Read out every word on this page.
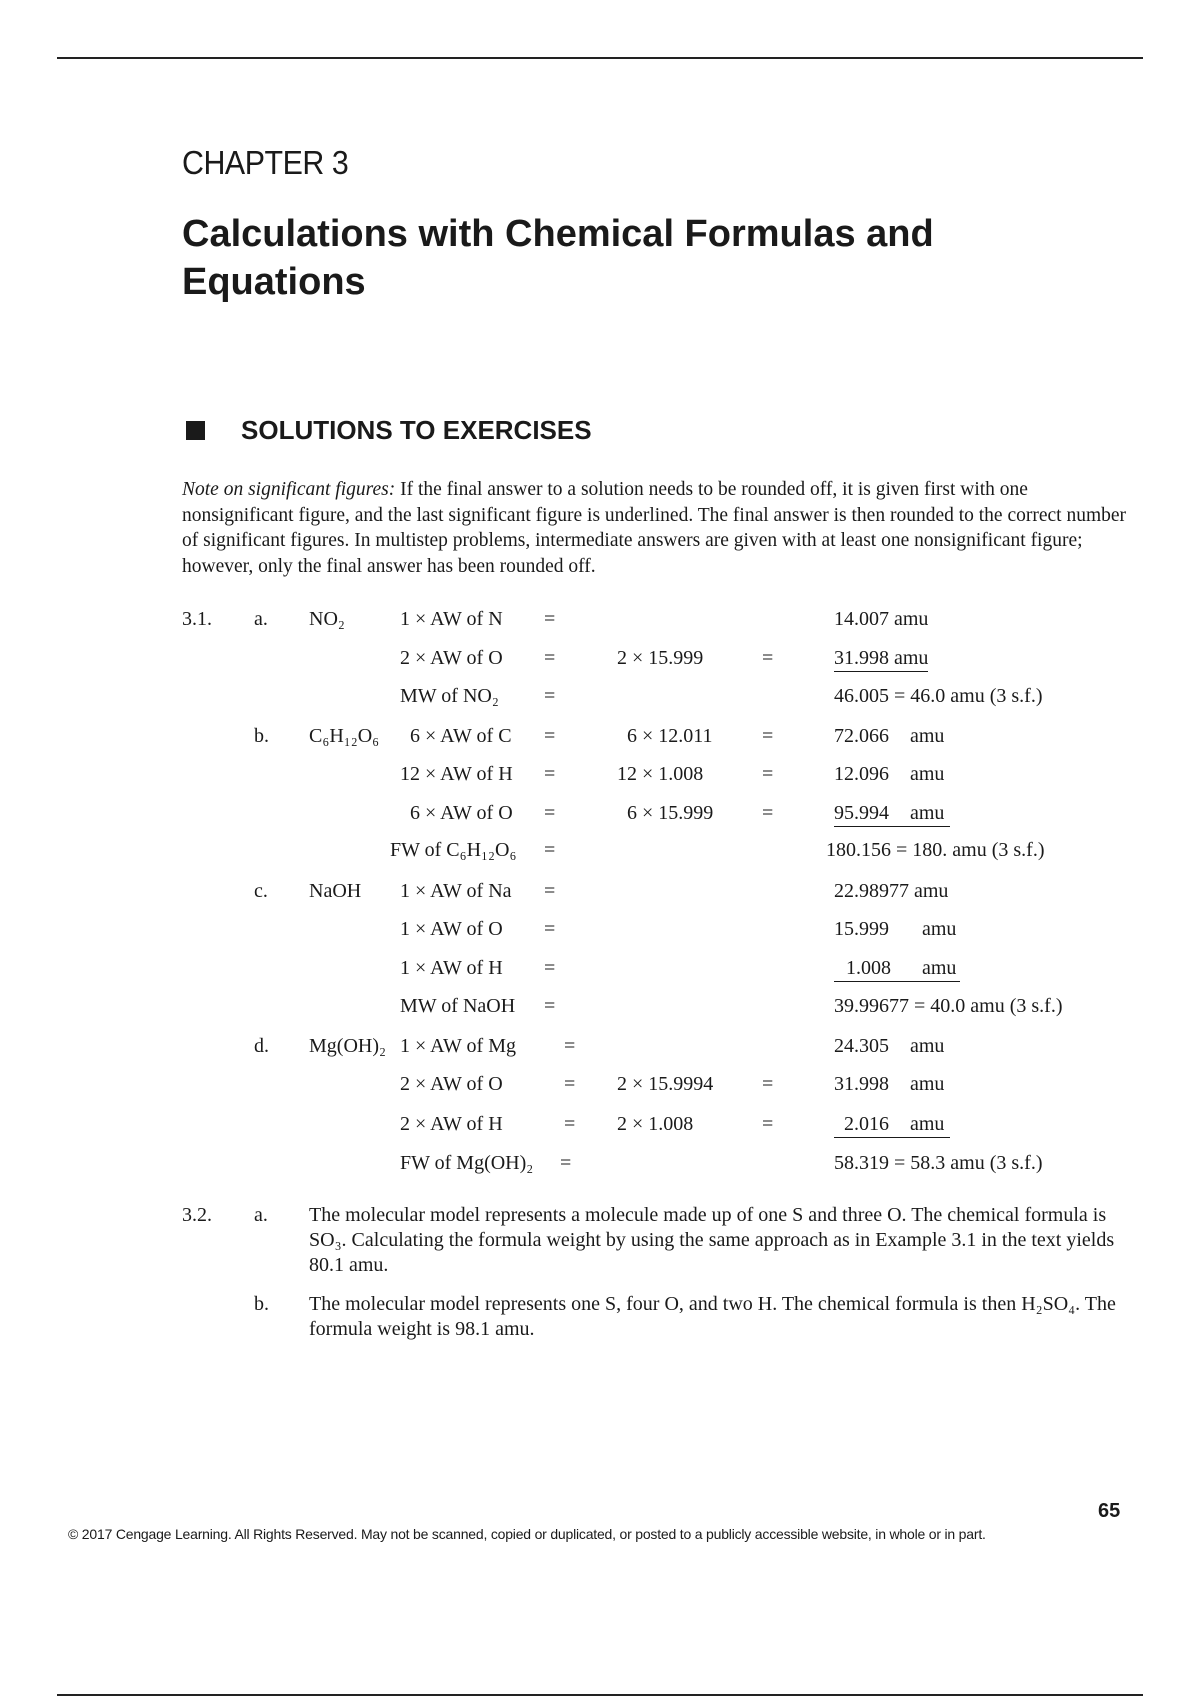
CHAPTER 3
Calculations with Chemical Formulas and Equations
SOLUTIONS TO EXERCISES
Note on significant figures: If the final answer to a solution needs to be rounded off, it is given first with one nonsignificant figure, and the last significant figure is underlined. The final answer is then rounded to the correct number of significant figures. In multistep problems, intermediate answers are given with at least one nonsignificant figure; however, only the final answer has been rounded off.
3.1. a. NO₂	1 × AW of N =	14.007 amu
2 × AW of O =	2 × 15.999	=	31.998 amu
MW of NO₂ =	46.005 = 46.0 amu (3 s.f.)
b. C₆H₁₂O₆ 6 × AW of C =	6 × 12.011 =	72.066 amu
12 × AW of H =	12 × 1.008	=	12.096 amu
6 × AW of O =	6 × 15.999 =	95.994 amu
FW of C₆H₁₂O₆ =	180.156 = 180. amu (3 s.f.)
c. NaOH 1 × AW of Na =	22.98977 amu
1 × AW of O =	15.999 amu
1 × AW of H =	1.008 amu

MW of NaOH =	39.99677 = 40.0 amu (3 s.f.)
d. Mg(OH)₂ 1 × AW of Mg =	24.305 amu
2 × AW of O	= 2 × 15.9994 =	31.998 amu
2 × AW of H	= 2 × 1.008	=	2.016 amu

FW of Mg(OH)₂ =	58.319 = 58.3 amu (3 s.f.)
3.2. a. The molecular model represents a molecule made up of one S and three O. The chemical formula is SO₃. Calculating the formula weight by using the same approach as in Example 3.1 in the text yields 80.1 amu.
b. The molecular model represents one S, four O, and two H. The chemical formula is then H₂SO₄. The formula weight is 98.1 amu.
65
© 2017 Cengage Learning. All Rights Reserved. May not be scanned, copied or duplicated, or posted to a publicly accessible website, in whole or in part.
